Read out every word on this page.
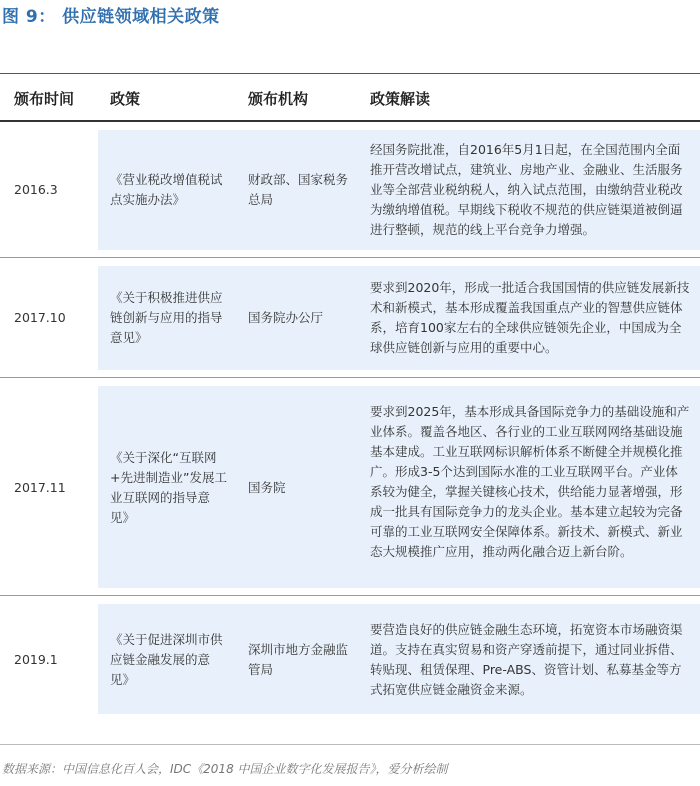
图 9： 供应链领域相关政策
颁布时间 政策	颁布机构	政策解读
2016.3
《营业税改增值税试点实施办法》
财政部、国家税务总局
经国务院批准，自2016年5月1日起，在全国范围内全面推开营改增试点，建筑业、房地产业、金融业、生活服务业等全部营业税纳税人，纳入试点范围，由缴纳营业税改为缴纳增值税。早期线下税收不规范的供应链渠道被倒逼进行整顿，规范的线上平台竞争力增强。
2017.10
《关于积极推进供应链创新与应用的指导意见》
国务院办公厅
要求到2020年，形成一批适合我国国情的供应链发展新技术和新模式，基本形成覆盖我国重点产业的智慧供应链体系，培育100家左右的全球供应链领先企业，中国成为全球供应链创新与应用的重要中心。
2017.11
《关于深化“互联网+先进制造业”发展工业互联网的指导意见》
国务院
要求到2025年，基本形成具备国际竞争力的基础设施和产业体系。覆盖各地区、各行业的工业互联网网络基础设施基本建成。工业互联网标识解析体系不断健全并规模化推广。形成3-5个达到国际水准的工业互联网平台。产业体系较为健全，掌握关键核心技术，供给能力显著增强，形成一批具有国际竞争力的龙头企业。基本建立起较为完备可靠的工业互联网安全保障体系。新技术、新模式、新业态大规模推广应用，推动两化融合迈上新台阶。
2019.1
《关于促进深圳市供应链金融发展的意见》
深圳市地方金融监管局
要营造良好的供应链金融生态环境，拓宽资本市场融资渠道。支持在真实贸易和资产穿透前提下，通过同业拆借、转贴现、租赁保理、Pre-ABS、资管计划、私募基金等方式拓宽供应链金融资金来源。
数据来源：中国信息化百人会，IDC《2018 中国企业数字化发展报告》，爱分析绘制
